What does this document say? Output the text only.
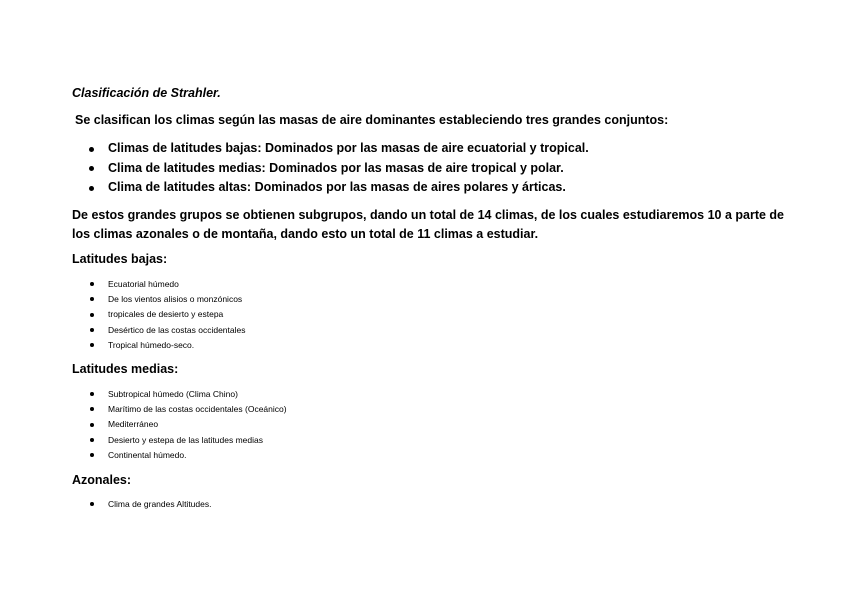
Clasificación de Strahler.
Se clasifican los climas según las masas de aire dominantes estableciendo tres grandes conjuntos:
Climas de latitudes bajas: Dominados por las masas de aire ecuatorial y tropical.
Clima de latitudes medias: Dominados por las masas de aire tropical y polar.
Clima de latitudes altas: Dominados por las masas de aires polares y árticas.
De estos grandes grupos se obtienen subgrupos, dando un total de 14 climas, de los cuales estudiaremos 10 a parte de los climas azonales o de montaña, dando esto un total de 11 climas a estudiar.
Latitudes bajas:
Ecuatorial húmedo
De los vientos alisios o monzónicos
tropicales de desierto y estepa
Desértico de las costas occidentales
Tropical húmedo-seco.
Latitudes medias:
Subtropical húmedo (Clima Chino)
Marítimo de las costas occidentales (Oceánico)
Mediterráneo
Desierto y estepa de las latitudes medias
Continental húmedo.
Azonales:
Clima de grandes Altitudes.
